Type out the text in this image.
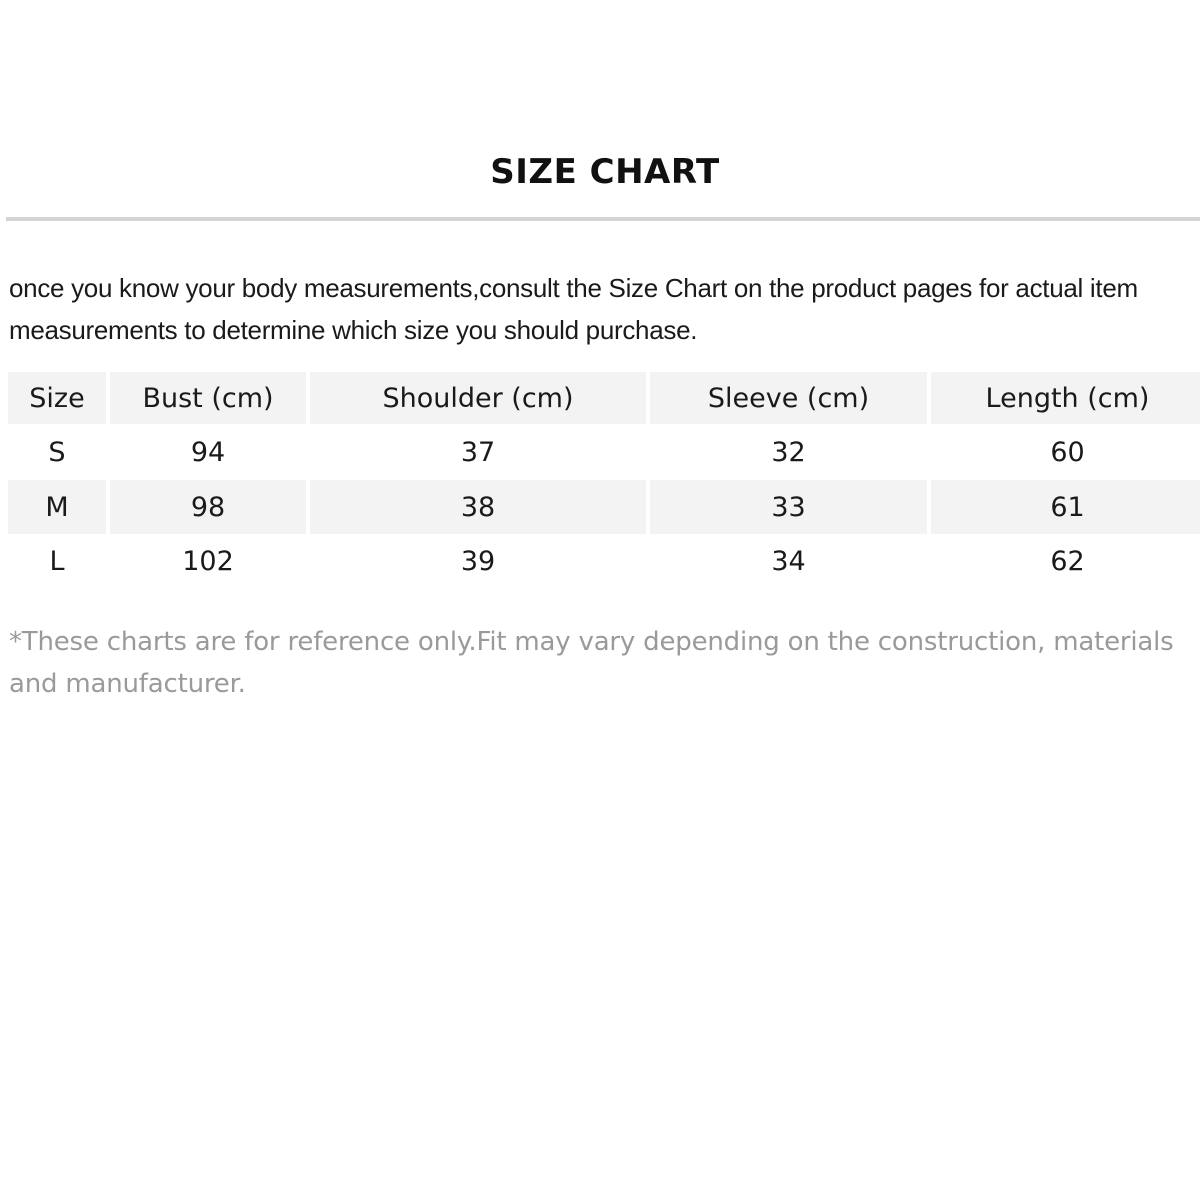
SIZE CHART
once you know your body measurements,consult the Size Chart on the product pages for actual item measurements to determine which size you should purchase.
Size	Bust (cm)	Shoulder (cm)	Sleeve (cm)	Length (cm)
S	94	37	32	60
M	98	38	33	61
L	102	39	34	62
*These charts are for reference only.Fit may vary depending on the construction, materials and manufacturer.
